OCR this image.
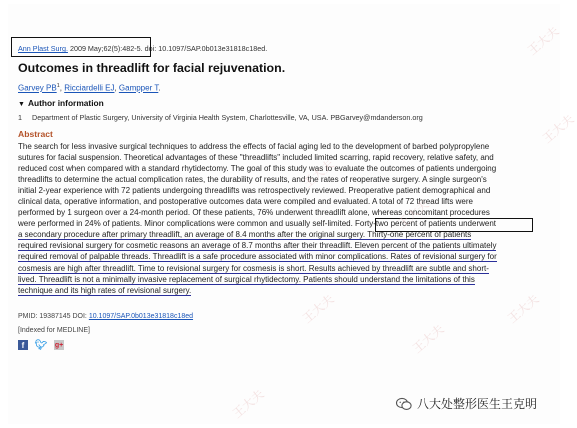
Ann Plast Surg. 2009 May;62(5):482-5. doi: 10.1097/SAP.0b013e31818c18ed.
Outcomes in threadlift for facial rejuvenation.
Garvey $PB^1$, Ricciardelli EJ, Gampper T.
▼ Author information
1 Department of Plastic Surgery, University of Virginia Health System, Charlottesville, VA, USA. PBGarvey@mdanderson.org
Abstract
The search for less invasive surgical techniques to address the effects of facial aging led to the development of barbed polypropylene
sutures for facial suspension. Theoretical advantages of these "threadlifts" included limited scarring, rapid recovery, relative safety, and
reduced cost when compared with a standard rhytidectomy. The goal of this study was to evaluate the outcomes of patients undergoing
threadlifts to determine the actual complication rates, the durability of results, and the rates of reoperative surgery. A single surgeon's
initial 2-year experience with 72 patients undergoing threadlifts was retrospectively reviewed. Preoperative patient demographical and
clinical data, operative information, and postoperative outcomes data were compiled and evaluated. A total of 72 thread lifts were
performed by 1 surgeon over a 24-month period. Of these patients, 76% underwent threadlift alone, whereas concomitant procedures
were performed in 24% of patients. Minor complications were common and usually self-limited. Forty-two percent of patients underwent
a secondary procedure after primary threadlift, an average of 8.4 months after the original surgery. Thirty-one percent of patients
required revisional surgery for cosmetic reasons an average of 8.7 months after their threadlift. Eleven percent of the patients ultimately
required removal of palpable threads. Threadlift is a safe procedure associated with minor complications. Rates of revisional surgery for
cosmesis are high after threadlift. Time to revisional surgery for cosmesis is short. Results achieved by threadlift are subtle and short-
lived. Threadlift is not a minimally invasive replacement of surgical rhytidectomy. Patients should understand the limitations of this
technique and its high rates of revisional surgery.
PMID: 19387145 DOI: 10.1097/SAP.0b013e31818c18ed
[Indexed for MEDLINE]
f	🐦︎ g+
王大夫
王大夫
王大夫
王大夫
王大夫
王大夫
王大夫
王大夫
八大处整形医生王克明
